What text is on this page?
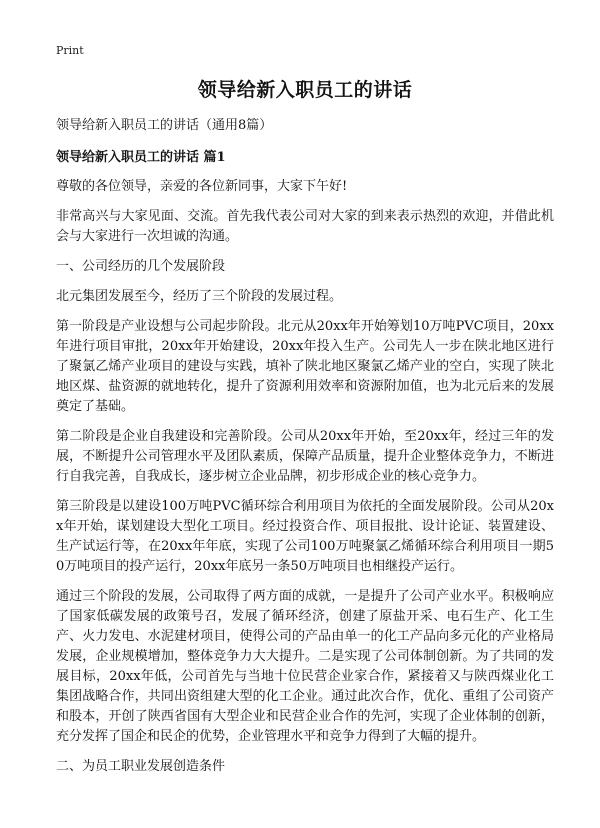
Print
领导给新入职员工的讲话
领导给新入职员工的讲话（通用8篇）
领导给新入职员工的讲话 篇1

尊敬的各位领导，亲爱的各位新同事，大家下午好!

非常高兴与大家见面、交流。首先我代表公司对大家的到来表示热烈的欢迎，并借此机会与大家进行一次坦诚的沟通。

一、公司经历的几个发展阶段

北元集团发展至今，经历了三个阶段的发展过程。

第一阶段是产业设想与公司起步阶段。北元从20xx年开始筹划10万吨PVC项目，20xx年进行项目审批，20xx年开始建设，20xx年投入生产。公司先人一步在陕北地区进行了聚氯乙烯产业项目的建设与实践，填补了陕北地区聚氯乙烯产业的空白，实现了陕北地区煤、盐资源的就地转化，提升了资源利用效率和资源附加值，也为北元后来的发展奠定了基础。

第二阶段是企业自我建设和完善阶段。公司从20xx年开始，至20xx年，经过三年的发展，不断提升公司管理水平及团队素质，保障产品质量，提升企业整体竞争力，不断进行自我完善，自我成长，逐步树立企业品牌，初步形成企业的核心竞争力。

第三阶段是以建设100万吨PVC循环综合利用项目为依托的全面发展阶段。公司从20xx年开始，谋划建设大型化工项目。经过投资合作、项目报批、设计论证、装置建设、生产试运行等，在20xx年年底，实现了公司100万吨聚氯乙烯循环综合利用项目一期50万吨项目的投产运行，20xx年底另一条50万吨项目也相继投产运行。

通过三个阶段的发展，公司取得了两方面的成就，一是提升了公司产业水平。积极响应了国家低碳发展的政策号召，发展了循环经济，创建了原盐开采、电石生产、化工生产、火力发电、水泥建材项目，使得公司的产品由单一的化工产品向多元化的产业格局发展，企业规模增加，整体竞争力大大提升。二是实现了公司体制创新。为了共同的发展目标，20xx年低，公司首先与当地十位民营企业家合作，紧接着又与陕西煤业化工集团战略合作，共同出资组建大型的化工企业。通过此次合作，优化、重组了公司资产和股本，开创了陕西省国有大型企业和民营企业合作的先河，实现了企业体制的创新，充分发挥了国企和民企的优势，企业管理水平和竞争力得到了大幅的提升。

二、为员工职业发展创造条件
